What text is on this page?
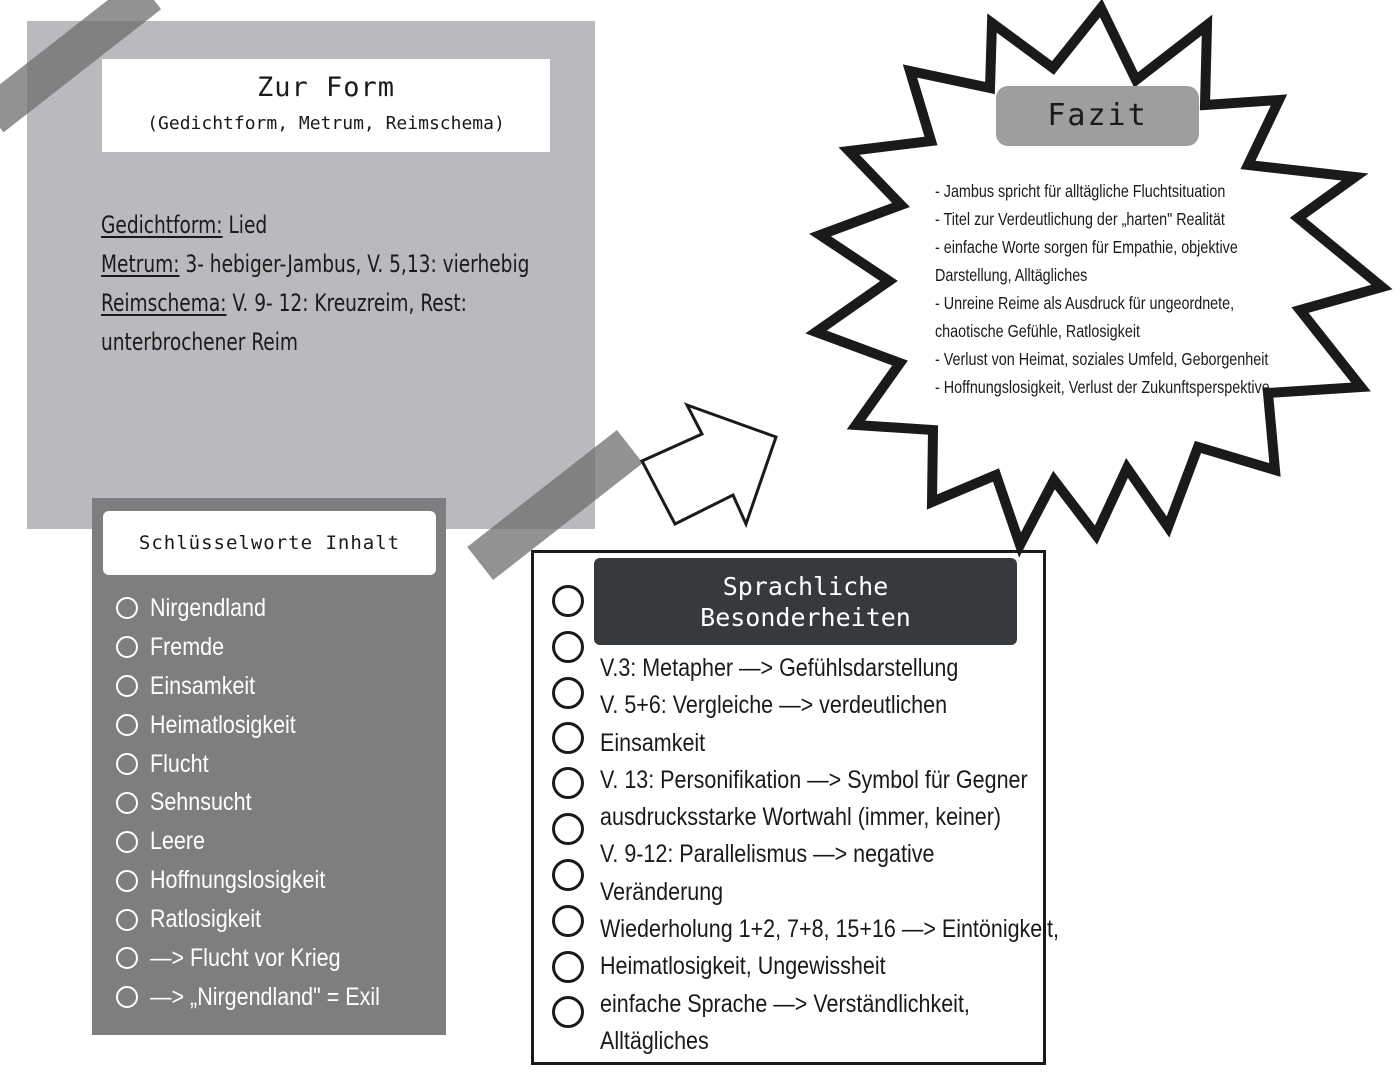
Zur Form
(Gedichtform, Metrum, Reimschema)
Gedichtform: Lied
Metrum: 3- hebiger-Jambus, V. 5,13: vierhebig
Reimschema: V. 9- 12: Kreuzreim, Rest:
unterbrochener Reim
Schlüsselworte Inhalt
Nirgendland
Fremde
Einsamkeit
Heimatlosigkeit
Flucht
Sehnsucht
Leere
Hoffnungslosigkeit
Ratlosigkeit
—> Flucht vor Krieg
—> „Nirgendland" = Exil
Sprachliche
Besonderheiten
V.3: Metapher —> Gefühlsdarstellung
V. 5+6: Vergleiche —> verdeutlichen
Einsamkeit
V. 13: Personifikation —> Symbol für Gegner
ausdrucksstarke Wortwahl (immer, keiner)
V. 9-12: Parallelismus —> negative
Veränderung
Wiederholung 1+2, 7+8, 15+16 —> Eintönigkeit,
Heimatlosigkeit, Ungewissheit
einfache Sprache —> Verständlichkeit,
Alltägliches
Fazit
- Jambus spricht für alltägliche Fluchtsituation
- Titel zur Verdeutlichung der „harten" Realität
- einfache Worte sorgen für Empathie, objektive
Darstellung, Alltägliches
- Unreine Reime als Ausdruck für ungeordnete,
chaotische Gefühle, Ratlosigkeit
- Verlust von Heimat, soziales Umfeld, Geborgenheit
- Hoffnungslosigkeit, Verlust der Zukunftsperspektive
